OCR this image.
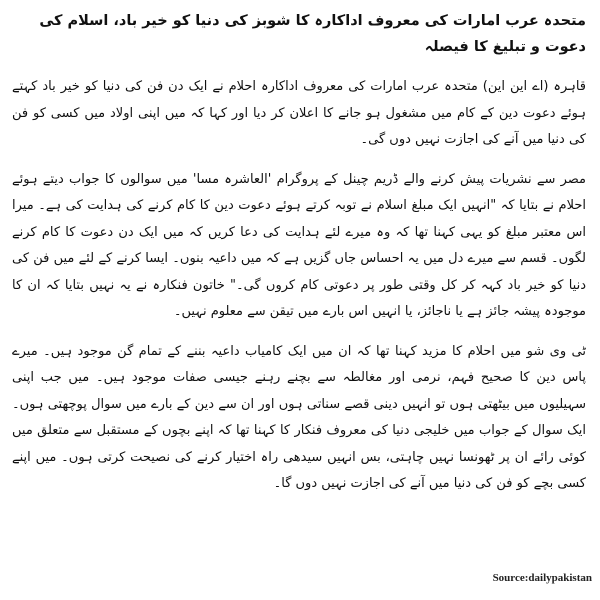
متحدہ عرب امارات کی معروف اداکارہ کا شوبز کی دنیا کو خیر باد، اسلام کی دعوت و تبلیغ کا فیصلہ

قاہرہ (اے این این) متحدہ عرب امارات کی معروف اداکارہ احلام نے ایک دن فن کی دنیا کو خیر باد کہتے ہوئے دعوت دین کے کام میں مشغول ہو جانے کا اعلان کر دیا اور کہا کہ میں اپنی اولاد میں کسی کو فن کی دنیا میں آنے کی اجازت نہیں دوں گی۔

مصر سے نشریات پیش کرنے والے ڈریم چینل کے پروگرام 'العاشرہ مسا' میں سوالوں کا جواب دیتے ہوئے احلام نے بتایا کہ "انہیں ایک مبلغ اسلام نے توبہ کرتے ہوئے دعوت دین کا کام کرنے کی ہدایت کی ہے۔ میرا اس معتبر مبلغ کو یہی کہنا تھا کہ وہ میرے لئے ہدایت کی دعا کریں کہ میں ایک دن دعوت کا کام کرنے لگوں۔ قسم سے میرے دل میں یہ احساس جاں گزیں ہے کہ میں داعیہ بنوں۔ ایسا کرنے کے لئے میں فن کی دنیا کو خیر باد کہہ کر کل وقتی طور پر دعوتی کام کروں گی۔" خاتون فنکارہ نے یہ نہیں بتایا کہ ان کا موجودہ پیشہ جائز ہے یا ناجائز، یا انہیں اس بارے میں تیقن سے معلوم نہیں۔

ٹی وی شو میں احلام کا مزید کہنا تھا کہ ان میں ایک کامیاب داعیہ بننے کے تمام گن موجود ہیں۔ میرے پاس دین کا صحیح فہم، نرمی اور مغالطہ سے بچنے رہنے جیسی صفات موجود ہیں۔ میں جب اپنی سہیلیوں میں بیٹھتی ہوں تو انہیں دینی قصے سناتی ہوں اور ان سے دین کے بارے میں سوال پوچھتی ہوں۔ ایک سوال کے جواب میں خلیجی دنیا کی معروف فنکار کا کہنا تھا کہ اپنے بچوں کے مستقبل سے متعلق میں کوئی رائے ان پر ٹھونسا نہیں چاہتی، بس انہیں سیدھی راہ اختیار کرنے کی نصیحت کرتی ہوں۔ میں اپنے کسی بچے کو فن کی دنیا میں آنے کی اجازت نہیں دوں گا۔

Source:dailypakistan
